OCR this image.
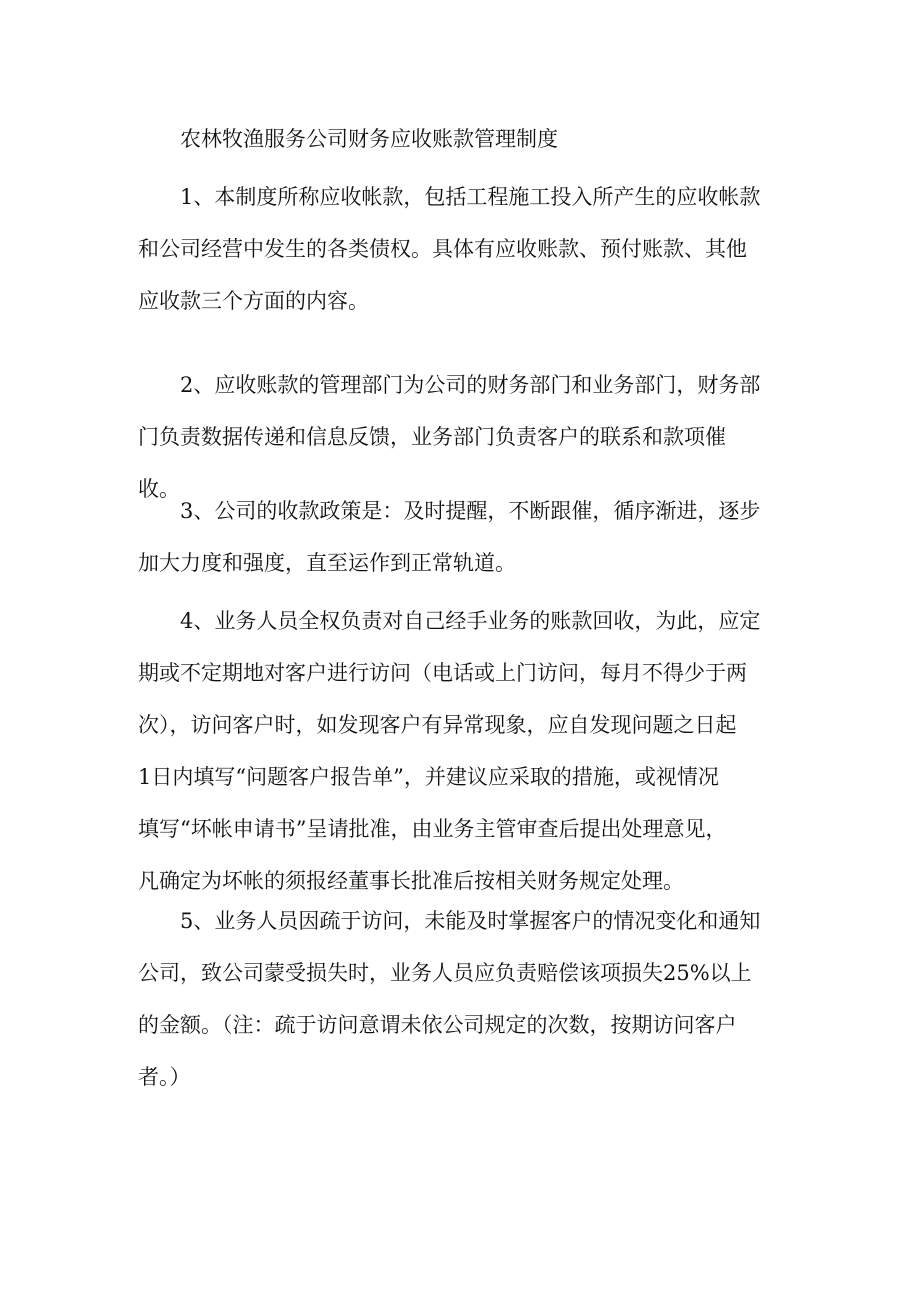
农林牧渔服务公司财务应收账款管理制度
1、本制度所称应收帐款，包括工程施工投入所产生的应收帐款
和公司经营中发生的各类债权。具体有应收账款、预付账款、其他
应收款三个方面的内容。
2、应收账款的管理部门为公司的财务部门和业务部门，财务部
门负责数据传递和信息反馈，业务部门负责客户的联系和款项催
收。
3、公司的收款政策是：及时提醒，不断跟催，循序渐进，逐步
加大力度和强度，直至运作到正常轨道。
4、业务人员全权负责对自己经手业务的账款回收，为此，应定
期或不定期地对客户进行访问（电话或上门访问，每月不得少于两
次），访问客户时，如发现客户有异常现象，应自发现问题之日起
1日内填写“问题客户报告单”，并建议应采取的措施，或视情况
填写“坏帐申请书”呈请批准，由业务主管审查后提出处理意见，
凡确定为坏帐的须报经董事长批准后按相关财务规定处理。
5、业务人员因疏于访问，未能及时掌握客户的情况变化和通知
公司，致公司蒙受损失时，业务人员应负责赔偿该项损失25%以上
的金额。（注：疏于访问意谓未依公司规定的次数，按期访问客户
者。）
